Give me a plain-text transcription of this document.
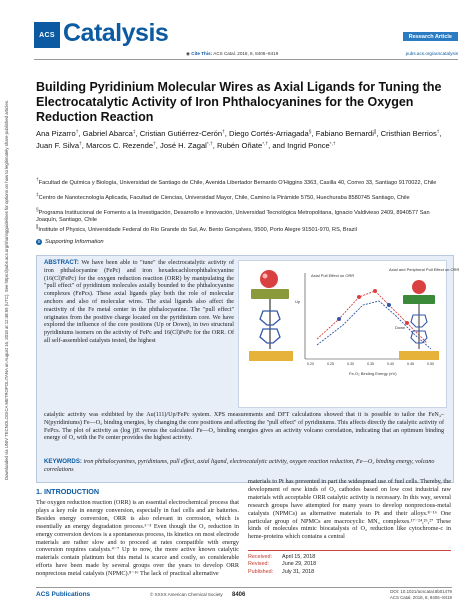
ACS Catalysis	Research Article
◉ Cite This: ACS Catal. 2018, 8, 8406−8419	pubs.acs.org/acscatalysis
Downloaded via UNIV TECNOLOGICA METROPOLITANA on August 16, 2018 at 12:48:59 (UTC). See https://pubs.acs.org/sharingguidelines for options on how to legitimately share published articles.
Building Pyridinium Molecular Wires as Axial Ligands for Tuning the Electrocatalytic Activity of Iron Phthalocyanines for the Oxygen Reduction Reaction
Ana Pizarro†, Gabriel Abarca‡, Cristian Gutiérrez-Cerón†, Diego Cortés-Arriagada§, Fabiano Bernardi∥, Cristhian Berrios†, Juan F. Silva†, Marcos C. Rezende†, José H. Zagal*,†, Rubén Oñate*,†, and Ingrid Ponce*,†
†Facultad de Química y Biología, Universidad de Santiago de Chile, Avenida Libertador Bernardo O'Higgins 3363, Casilla 40, Correo 33, Santiago 9170022, Chile
‡Centro de Nanotecnología Aplicada, Facultad de Ciencias, Universidad Mayor, Chile, Camino la Pirámide 5750, Huechuraba 8580745 Santiago, Chile
§Programa Institucional de Fomento a la Investigación, Desarrollo e Innovación, Universidad Tecnológica Metropolitana, Ignacio Valdivieso 2409, 8940577 San Joaquín, Santiago, Chile
∥Institute of Physics, Universidade Federal do Rio Grande do Sul, Av. Bento Gonçalves, 9500, Porto Alegre 91501-970, RS, Brazil
S Supporting Information
ABSTRACT: We have been able to "tune" the electrocatalytic activity of iron phthalocyanine (FePc) and iron hexadecachlorophthalocyanine (16(Cl)FePc) for the oxygen reduction reaction (ORR) by manipulating the "pull effect" of pyridinium molecules axially bounded to the phthalocyanine complexes (FePcs). These axial ligands play both the role of molecular anchors and also of molecular wires. The axial ligands also affect the reactivity of the Fe metal center in the phthalocyanine. The "pull effect" originates from the positive charge located on the pyridinium core. We have explored the influence of the core positions (Up or Down), in two structural pyridiniums isomers on the activity of FePc and 16(Cl)FePc for the ORR. Of all self-assembled catalysts tested, the highest
Up
Axial Pull Effect on ORR
Axial and Peripheral Pull Effect on ORR
0.20	0.25	0.30	0.35	0.40	0.45	0.50
Fe-O₂ Binding Energy (eV)
Down
catalytic activity was exhibited by the Au(111)/Up/FePc system. XPS measurements and DFT calculations showed that it is possible to tailor the FeN₄–N(pyridiniums) Fe—O₂ binding energies, by changing the core positions and affecting the "pull effect" of pyridiniums. This affects directly the catalytic activity of FePcs. The plot of activity as (log j)E versus the calculated Fe—O₂ binding energies gives an activity volcano correlation, indicating that an optimum binding energy of O₂ with the Fe center provides the highest activity.
KEYWORDS: iron phthalocyanines, pyridiniums, pull effect, axial ligand, electrocatalytic activity, oxygen reaction reduction, Fe—O₂ binding energy, volcano correlations
1. INTRODUCTION
The oxygen reduction reaction (ORR) is an essential electrochemical process that plays a key role in energy conversion, especially in fuel cells and air batteries. Besides energy conversion, ORR is also relevant in corrosion, which is essentially an energy degradation process.¹⁻³ Even though the O₂ reduction in energy conversion devices is a spontaneous process, its kinetics on most electrode materials are rather slow and to proceed at rates compatible with energy conversion requires catalysts.⁴⁻⁷ Up to now, the more active known catalytic materials contain platinum but this metal is scarce and costly, so considerable efforts have been made by several groups over the years to develop ORR nonprecious metal catalysts (NPMC).⁸⁻¹⁶ The lack of practical alternative
materials to Pt has prevented in part the widespread use of fuel cells. Thereby, the development of new kinds of O₂ cathodes based on low cost industrial raw materials with acceptable ORR catalytic activity is necessary. In this way, several research groups have attempted for many years to develop nonprecious-metal catalysts (NPMCs) as alternative materials to Pt and their alloys.⁸⁻¹⁶ One particular group of NPMCs are macrocyclic MN₄ complexes.¹⁷⁻²⁴,²⁶,²⁷ These kinds of molecules mimic biocatalysts of O₂ reduction like cytochrome-c in heme-proteins which contains a central
Received: April 15, 2018
Revised: June 29, 2018
Published: July 31, 2018
ACS Publications	© XXXX American Chemical Society 8406
DOI: 10.1021/acscatal.8b01479
ACS Catal. 2018, 8, 8406−8419
